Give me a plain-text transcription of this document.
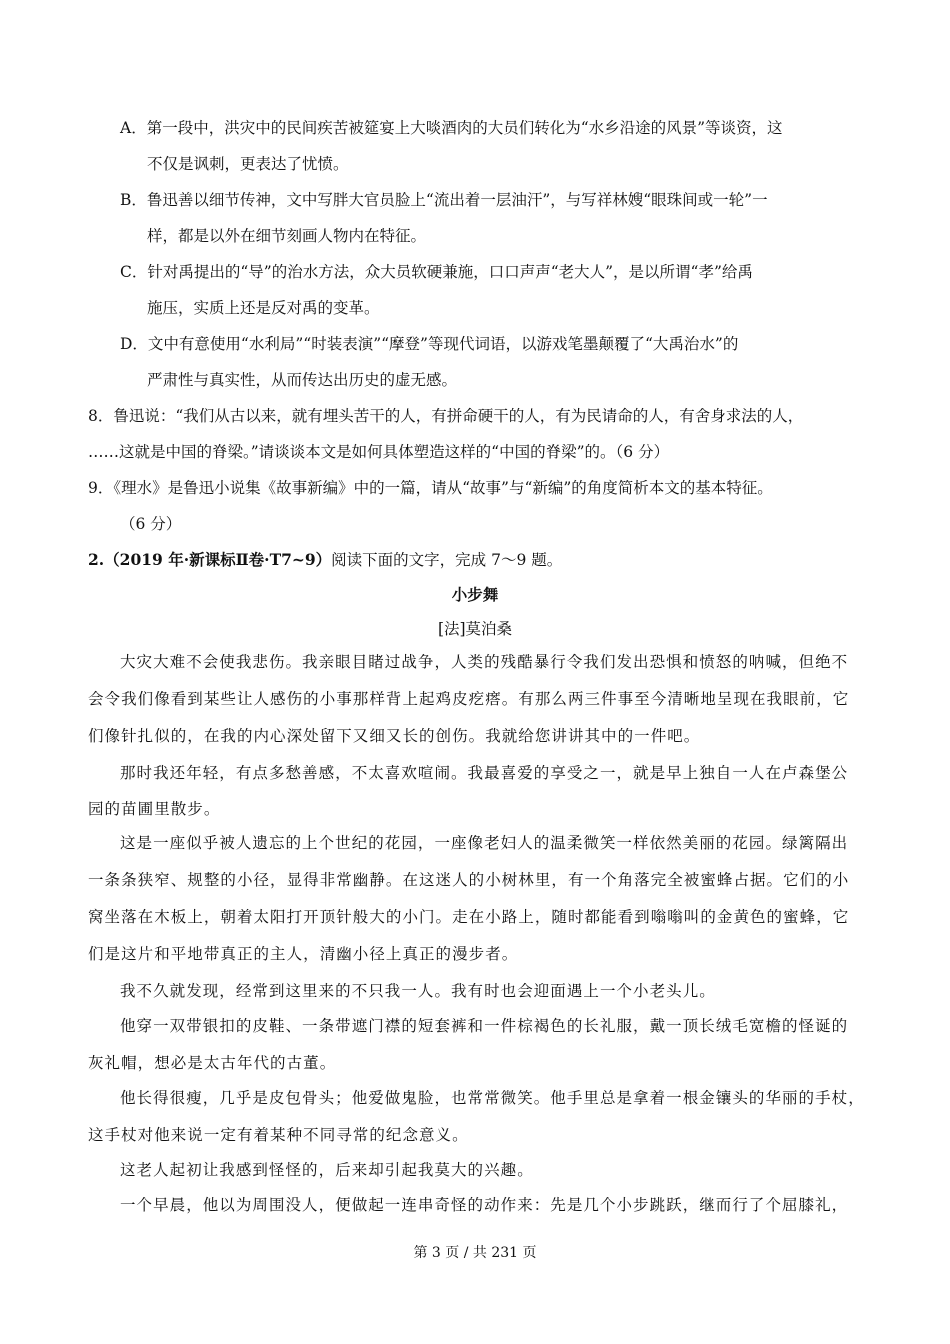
A．第一段中，洪灾中的民间疾苦被筵宴上大啖酒肉的大员们转化为“水乡沿途的风景”等谈资，这
不仅是讽刺，更表达了忧愤。
B．鲁迅善以细节传神，文中写胖大官员脸上“流出着一层油汗”，与写祥林嫂“眼珠间或一轮”一
样，都是以外在细节刻画人物内在特征。
C．针对禹提出的“导”的治水方法，众大员软硬兼施，口口声声“老大人”，是以所谓“孝”给禹
施压，实质上还是反对禹的变革。
D．文中有意使用“水利局”“时装表演”“摩登”等现代词语，以游戏笔墨颠覆了“大禹治水”的
严肃性与真实性，从而传达出历史的虚无感。
8．鲁迅说：“我们从古以来，就有埋头苦干的人，有拼命硬干的人，有为民请命的人，有舍身求法的人，
……这就是中国的脊梁。”请谈谈本文是如何具体塑造这样的“中国的脊梁”的。（6 分）
9．《理水》是鲁迅小说集《故事新编》中的一篇，请从“故事”与“新编”的角度简析本文的基本特征。
（6 分）
2.（2019 年·新课标Ⅱ卷·T7~9）阅读下面的文字，完成 7～9 题。
小步舞
[法]莫泊桑
大灾大难不会使我悲伤。我亲眼目睹过战争，人类的残酷暴行令我们发出恐惧和愤怒的呐喊，但绝不
会令我们像看到某些让人感伤的小事那样背上起鸡皮疙瘩。有那么两三件事至今清晰地呈现在我眼前，它
们像针扎似的，在我的内心深处留下又细又长的创伤。我就给您讲讲其中的一件吧。
那时我还年轻，有点多愁善感，不太喜欢喧闹。我最喜爱的享受之一，就是早上独自一人在卢森堡公
园的苗圃里散步。
这是一座似乎被人遗忘的上个世纪的花园，一座像老妇人的温柔微笑一样依然美丽的花园。绿篱隔出
一条条狭窄、规整的小径，显得非常幽静。在这迷人的小树林里，有一个角落完全被蜜蜂占据。它们的小
窝坐落在木板上，朝着太阳打开顶针般大的小门。走在小路上，随时都能看到嗡嗡叫的金黄色的蜜蜂，它
们是这片和平地带真正的主人，清幽小径上真正的漫步者。
我不久就发现，经常到这里来的不只我一人。我有时也会迎面遇上一个小老头儿。
他穿一双带银扣的皮鞋、一条带遮门襟的短套裤和一件棕褐色的长礼服，戴一顶长绒毛宽檐的怪诞的
灰礼帽，想必是太古年代的古董。
他长得很瘦，几乎是皮包骨头；他爱做鬼脸，也常常微笑。他手里总是拿着一根金镶头的华丽的手杖，
这手杖对他来说一定有着某种不同寻常的纪念意义。
这老人起初让我感到怪怪的，后来却引起我莫大的兴趣。
一个早晨，他以为周围没人，便做起一连串奇怪的动作来：先是几个小步跳跃，继而行了个屈膝礼，
第 3 页 / 共 231 页
